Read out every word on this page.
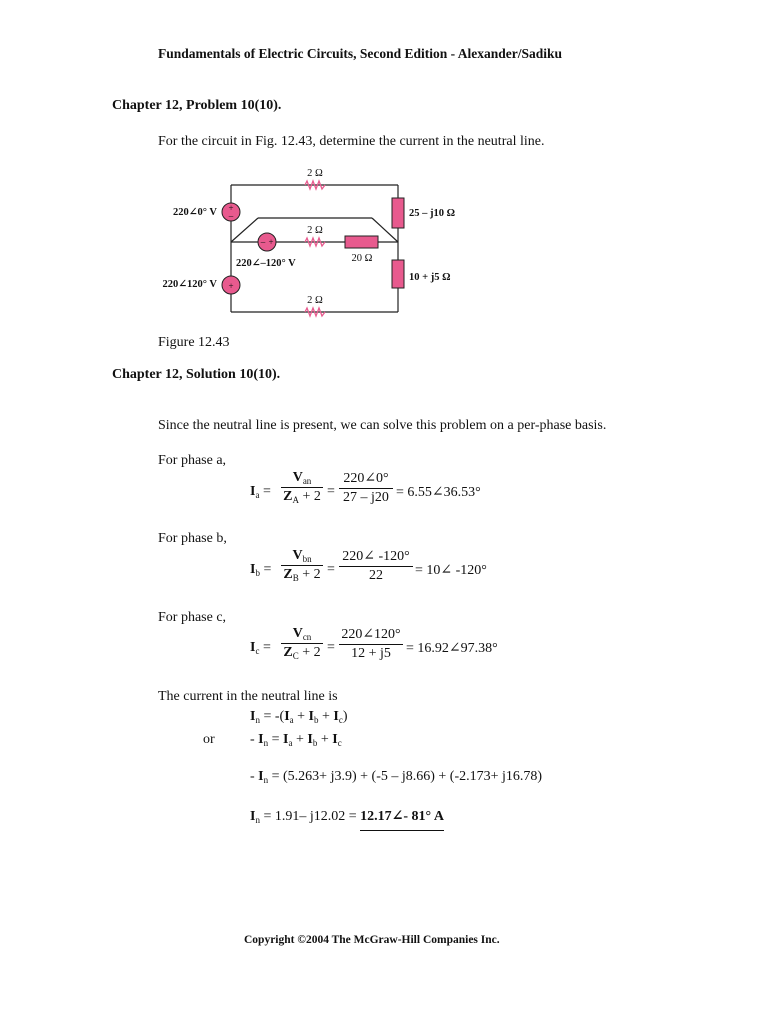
Fundamentals of Electric Circuits, Second Edition - Alexander/Sadiku
Chapter 12, Problem 10(10).
For the circuit in Fig. 12.43, determine the current in the neutral line.
+
–
– +
+
2 Ω
2 Ω
20 Ω
2 Ω
220∠0° V
220∠–120° V
220∠120° V
25 – j10 Ω
10 + j5 Ω
Figure 12.43
Chapter 12, Solution 10(10).
Since the neutral line is present, we can solve this problem on a per-phase basis.
For phase a,
$I_a$ =
$V_{an}$
$Z_A + 2 = \frac{220\angle 0^\circ}{27 - j20}$ = 6.55∠36.53°
For phase b,
$I_b$ =
$V_{bn}$
$Z_B + 2 = \frac{220\angle -120^\circ}{22}$ = 10∠ -120°
For phase c,
$I_c$ =
$V_{cn}$
$Z_C + 2 = \frac{220\angle 120^\circ}{12 + j5}$ = 16.92∠97.38°
The current in the neutral line is
$I_n = -(I_a + I_b + I_c)$
or	- $I_n = I_a + I_b + I_c$
- $I_n = (5.263+ j3.9) + (-5 - j8.66) + (-2.173+ j16.78)$
$I_n = 1.91-$ j12.02 = 12.17∠- 81° A
Copyright ©2004 The McGraw-Hill Companies Inc.
